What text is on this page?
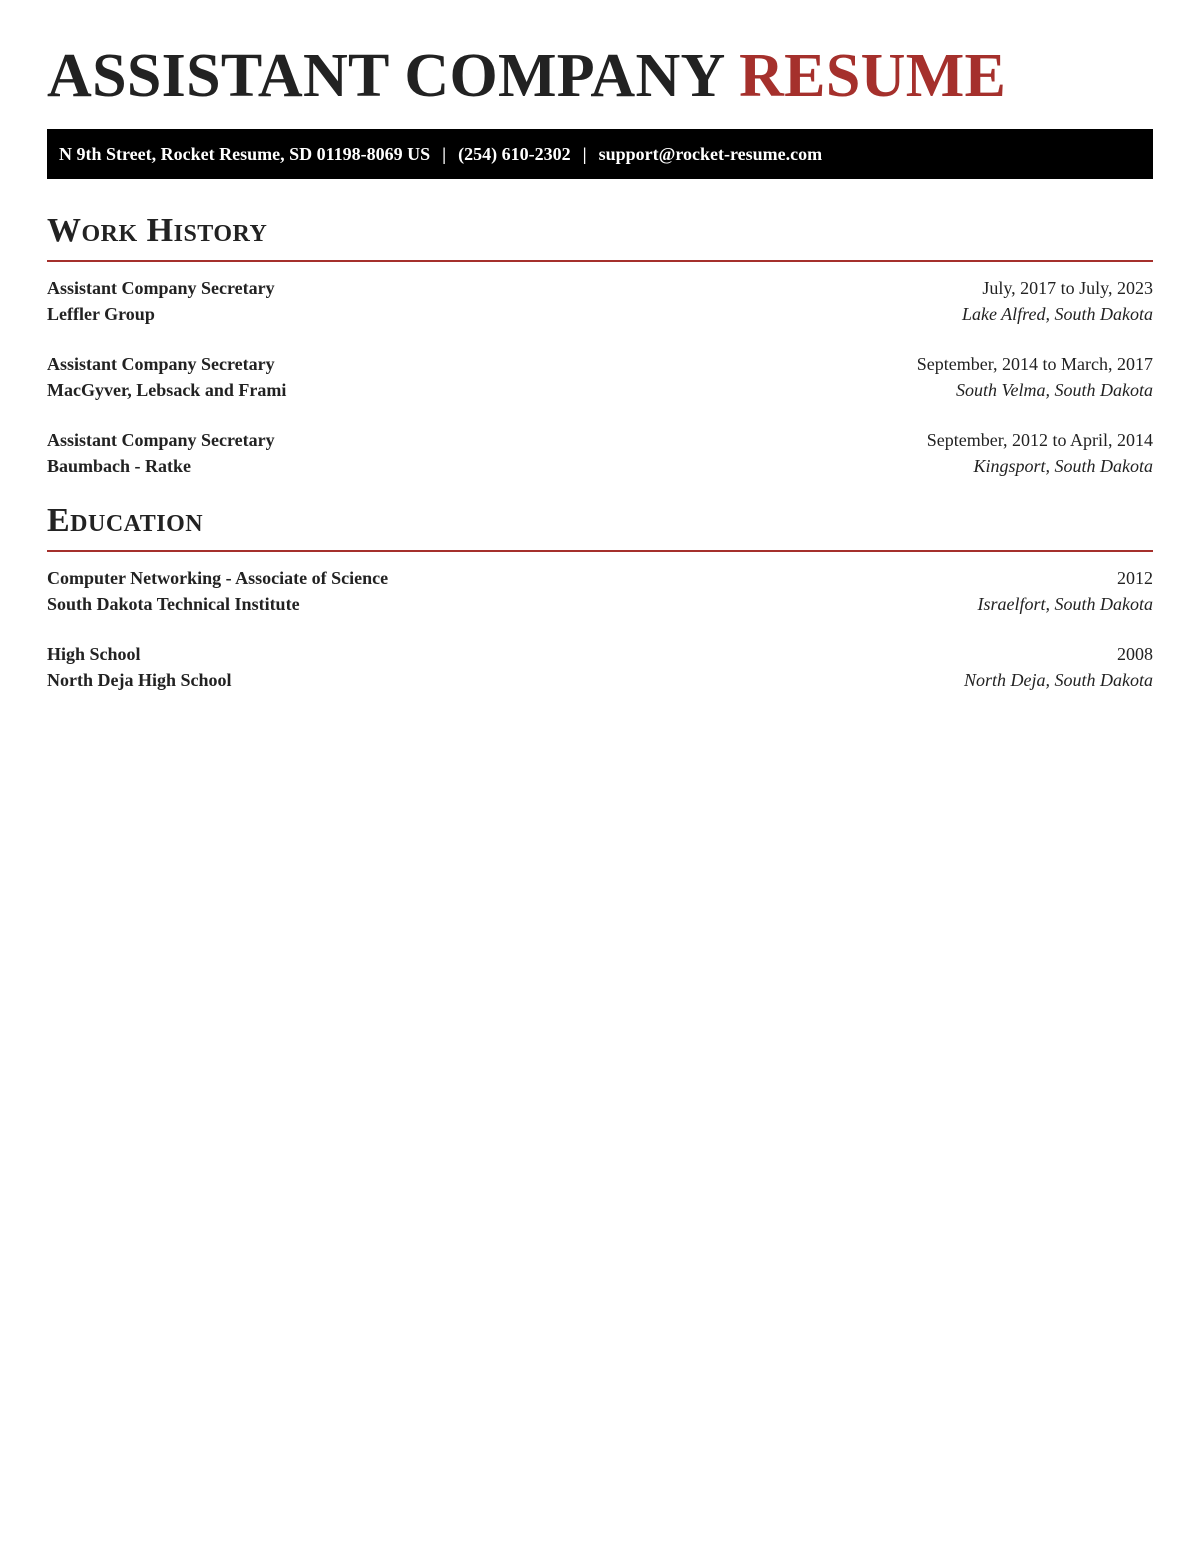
ASSISTANT COMPANY RESUME
N 9th Street, Rocket Resume, SD 01198-8069 US | (254) 610-2302 | support@rocket-resume.com
Work History
Assistant Company Secretary	July, 2017 to July, 2023
Leffler Group	Lake Alfred, South Dakota
Assistant Company Secretary	September, 2014 to March, 2017
MacGyver, Lebsack and Frami	South Velma, South Dakota
Assistant Company Secretary	September, 2012 to April, 2014
Baumbach - Ratke	Kingsport, South Dakota
Education
Computer Networking - Associate of Science	2012
South Dakota Technical Institute	Israelfort, South Dakota
High School	2008
North Deja High School	North Deja, South Dakota
